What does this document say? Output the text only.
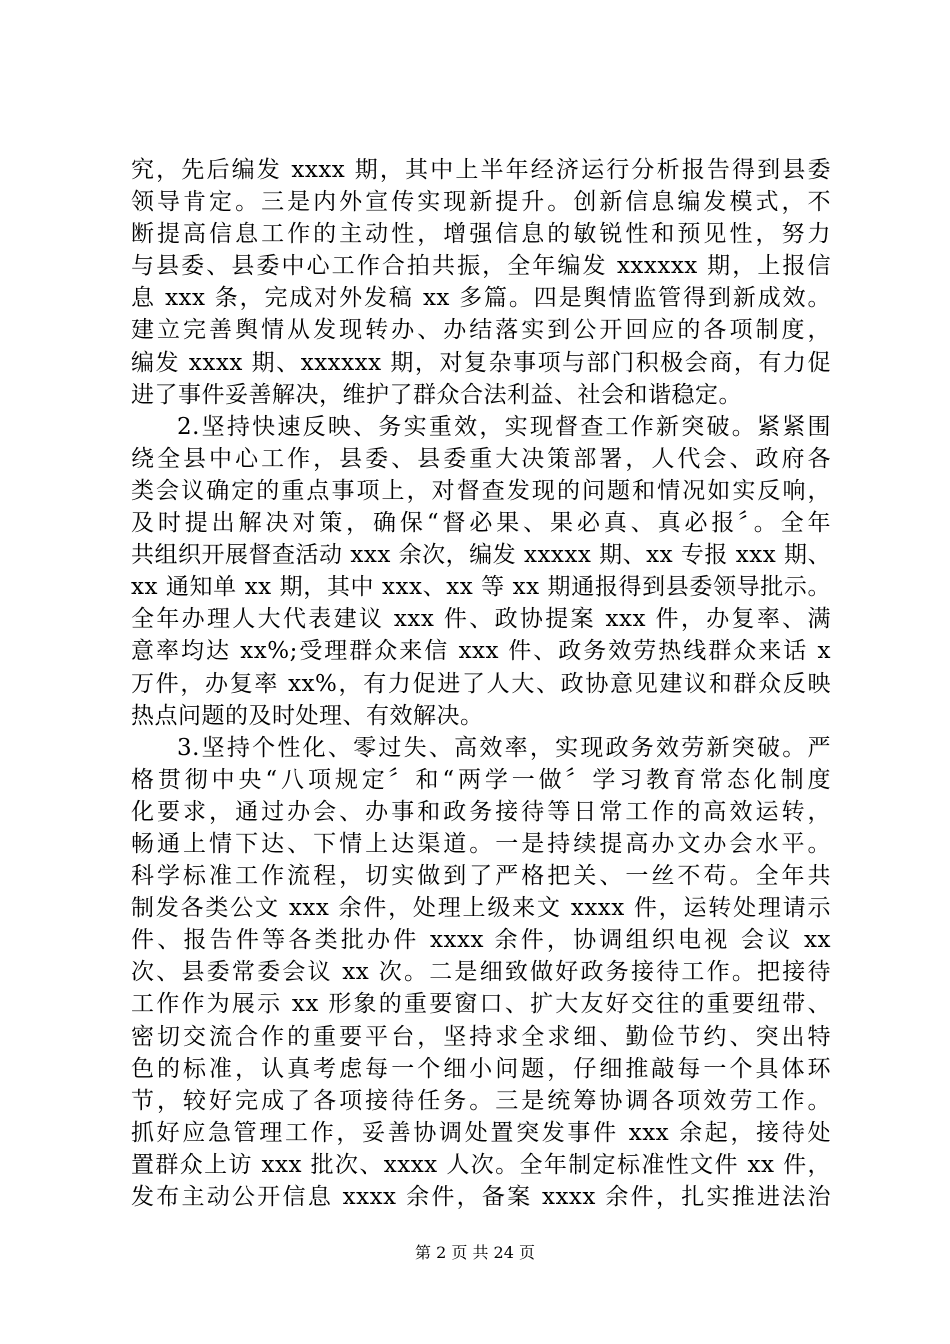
究，先后编发 xxxx 期，其中上半年经济运行分析报告得到县委
领导肯定。三是内外宣传实现新提升。创新信息编发模式，不
断提高信息工作的主动性，增强信息的敏锐性和预见性，努力
与县委、县委中心工作合拍共振，全年编发 xxxxxx 期，上报信
息 xxx 条，完成对外发稿 xx 多篇。四是舆情监管得到新成效。
建立完善舆情从发现转办、办结落实到公开回应的各项制度，
编发 xxxx 期、xxxxxx 期，对复杂事项与部门积极会商，有力促
进了事件妥善解决，维护了群众合法利益、社会和谐稳定。
2.坚持快速反映、务实重效，实现督查工作新突破。紧紧围
绕全县中心工作，县委、县委重大决策部署，人代会、政府各
类会议确定的重点事项上，对督查发现的问题和情况如实反响，
及时提出解决对策，确保“督必果、果必真、真必报〞。全年
共组织开展督查活动 xxx 余次，编发 xxxxx 期、xx 专报 xxx 期、
xx 通知单 xx 期，其中 xxx、xx 等 xx 期通报得到县委领导批示。
全年办理人大代表建议 xxx 件、政协提案 xxx 件，办复率、满
意率均达 xx%;受理群众来信 xxx 件、政务效劳热线群众来话 x
万件，办复率 xx%，有力促进了人大、政协意见建议和群众反映
热点问题的及时处理、有效解决。
3.坚持个性化、零过失、高效率，实现政务效劳新突破。严
格贯彻中央“八项规定〞和“两学一做〞学习教育常态化制度
化要求，通过办会、办事和政务接待等日常工作的高效运转，
畅通上情下达、下情上达渠道。一是持续提高办文办会水平。
科学标准工作流程，切实做到了严格把关、一丝不苟。全年共
制发各类公文 xxx 余件，处理上级来文 xxxx 件，运转处理请示
件、报告件等各类批办件 xxxx 余件，协调组织电视 会议 xx
次、县委常委会议 xx 次。二是细致做好政务接待工作。把接待
工作作为展示 xx 形象的重要窗口、扩大友好交往的重要纽带、
密切交流合作的重要平台，坚持求全求细、勤俭节约、突出特
色的标准，认真考虑每一个细小问题，仔细推敲每一个具体环
节，较好完成了各项接待任务。三是统筹协调各项效劳工作。
抓好应急管理工作，妥善协调处置突发事件 xxx 余起，接待处
置群众上访 xxx 批次、xxxx 人次。全年制定标准性文件 xx 件，
发布主动公开信息 xxxx 余件，备案 xxxx 余件，扎实推进法治
第 2 页 共 24 页
